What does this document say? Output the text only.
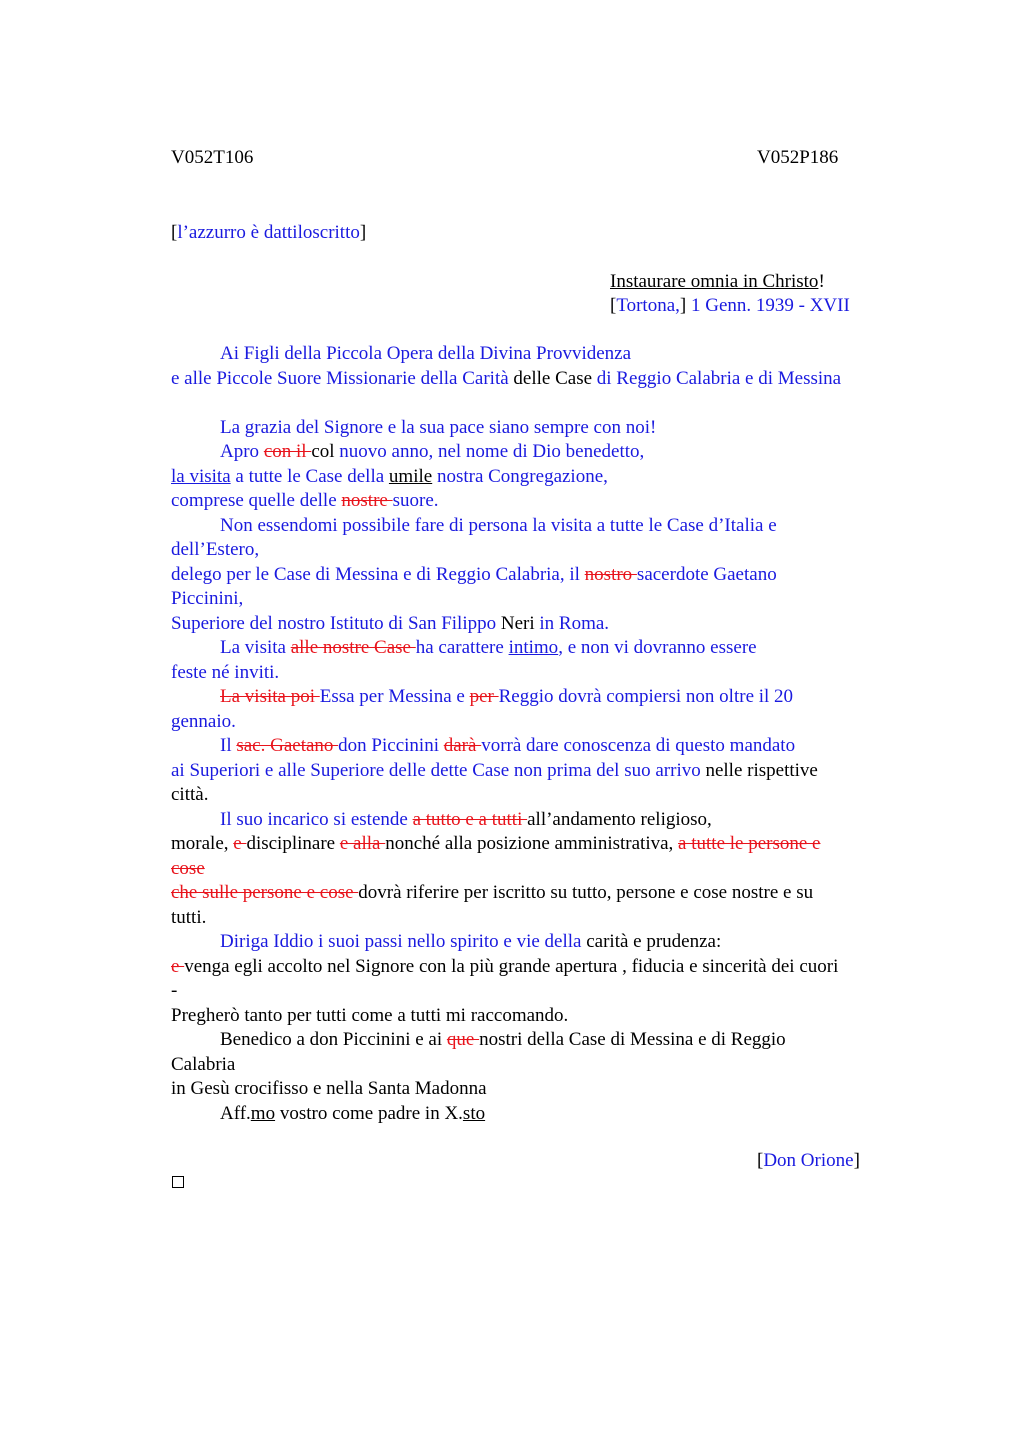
V052T106	V052P186
[l’azzurro è dattiloscritto]
Instaurare omnia in Christo!
[Tortona,] 1 Genn. 1939 - XVII

Ai Figli della Piccola Opera della Divina Provvidenza

e alle Piccole Suore Missionarie della Carità delle Case di Reggio Calabria e di Messina

La grazia del Signore e la sua pace siano sempre con noi!

Apro con il col nuovo anno, nel nome di Dio benedetto,

la visita a tutte le Case della umile nostra Congregazione,

comprese quelle delle nostre suore.

Non essendomi possibile fare di persona la visita a tutte le Case d’Italia e

dell’Estero,

delego per le Case di Messina e di Reggio Calabria, il nostro sacerdote Gaetano

Piccinini,

Superiore del nostro Istituto di San Filippo Neri in Roma.

La visita alle nostre Case ha carattere intimo, e non vi dovranno essere

feste né inviti.

La visita poi Essa per Messina e per Reggio dovrà compiersi non oltre il 20

gennaio.

Il sac. Gaetano don Piccinini darà vorrà dare conoscenza di questo mandato

ai Superiori e alle Superiore delle dette Case non prima del suo arrivo nelle rispettive

città.

Il suo incarico si estende a tutto e a tutti all’andamento religioso,

morale, e disciplinare e alla nonché alla posizione amministrativa, a tutte le persone e

cose

che sulle persone e cose dovrà riferire per iscritto su tutto, persone e cose nostre e su

tutti.

Diriga Iddio i suoi passi nello spirito e vie della carità e prudenza:

e venga egli accolto nel Signore con la più grande apertura , fiducia e sincerità dei cuori

-

Pregherò tanto per tutti come a tutti mi raccomando.

Benedico a don Piccinini e ai que nostri della Case di Messina e di Reggio

Calabria

in Gesù crocifisso e nella Santa Madonna

Aff.mo vostro come padre in X.sto

[Don Orione]
